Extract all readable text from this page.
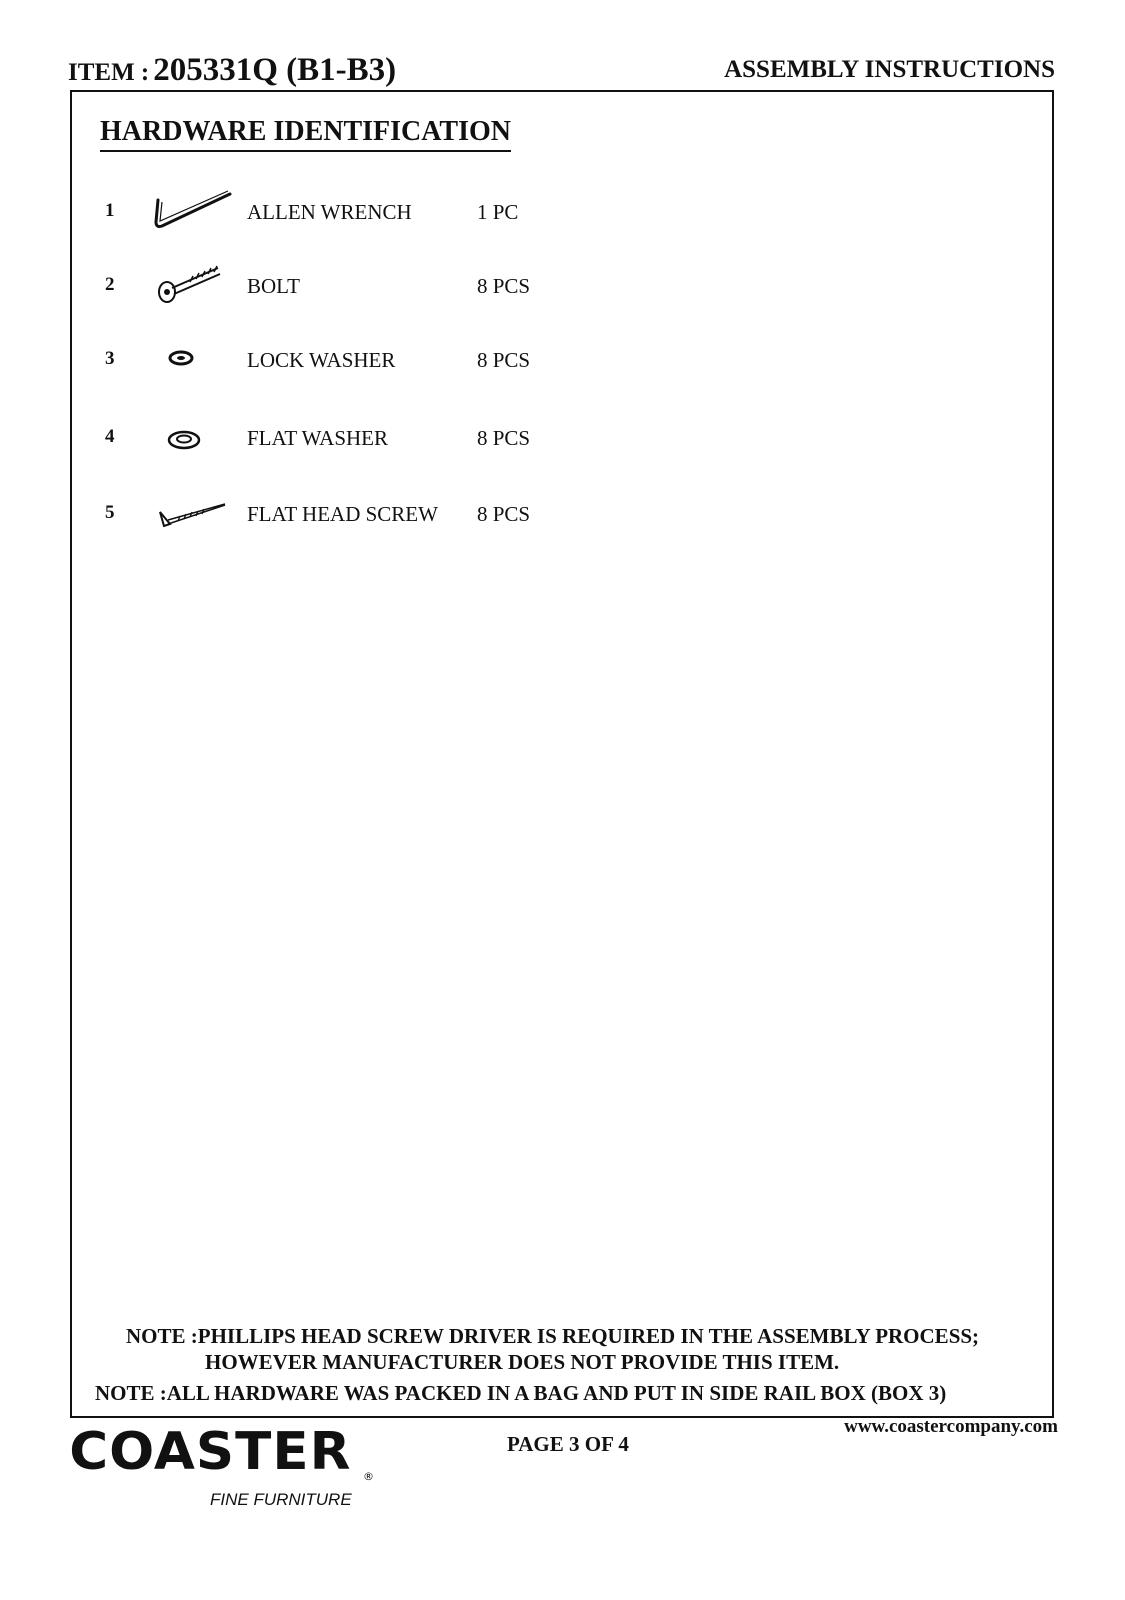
ITEM : 205331Q (B1-B3)	ASSEMBLY INSTRUCTIONS
HARDWARE IDENTIFICATION
1	ALLEN WRENCH	1 PC
2	BOLT	8 PCS
3	LOCK WASHER	8 PCS
4	FLAT WASHER	8 PCS
5	FLAT HEAD SCREW 8 PCS
NOTE :PHILLIPS HEAD SCREW DRIVER IS REQUIRED IN THE ASSEMBLY PROCESS;
HOWEVER MANUFACTURER DOES NOT PROVIDE THIS ITEM.
NOTE :ALL HARDWARE WAS PACKED IN A BAG AND PUT IN SIDE RAIL BOX (BOX 3)
COASTER ®
FINE FURNITURE
PAGE 3 OF 4
www.coastercompany.com
